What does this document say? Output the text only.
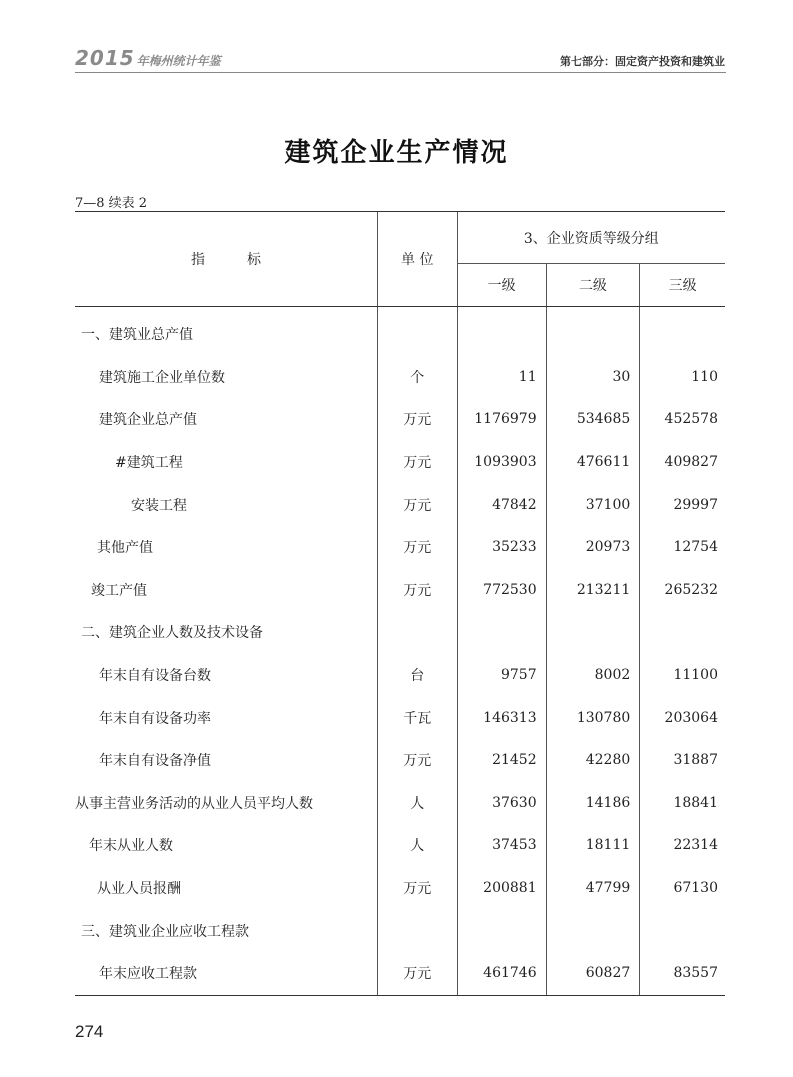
2015 年梅州统计年鉴	第七部分：固定资产投资和建筑业
建筑企业生产情况
7—8 续表 2
指　　　标	单 位	3、企业资质等级分组		
		一级	二级	三级
一、建筑业总产值				
建筑施工企业单位数	个	11	30	110
建筑企业总产值	万元	1176979	534685	452578
#建筑工程	万元	1093903	476611	409827
安装工程	万元	47842	37100	29997
其他产值	万元	35233	20973	12754
竣工产值	万元	772530	213211	265232
二、建筑企业人数及技术设备				
年末自有设备台数	台	9757	8002	11100
年末自有设备功率	千瓦	146313	130780	203064
年末自有设备净值	万元	21452	42280	31887
从事主营业务活动的从业人员平均人数	人	37630	14186	18841
年末从业人数	人	37453	18111	22314
从业人员报酬	万元	200881	47799	67130
三、建筑业企业应收工程款				
年末应收工程款	万元	461746	60827	83557
274
